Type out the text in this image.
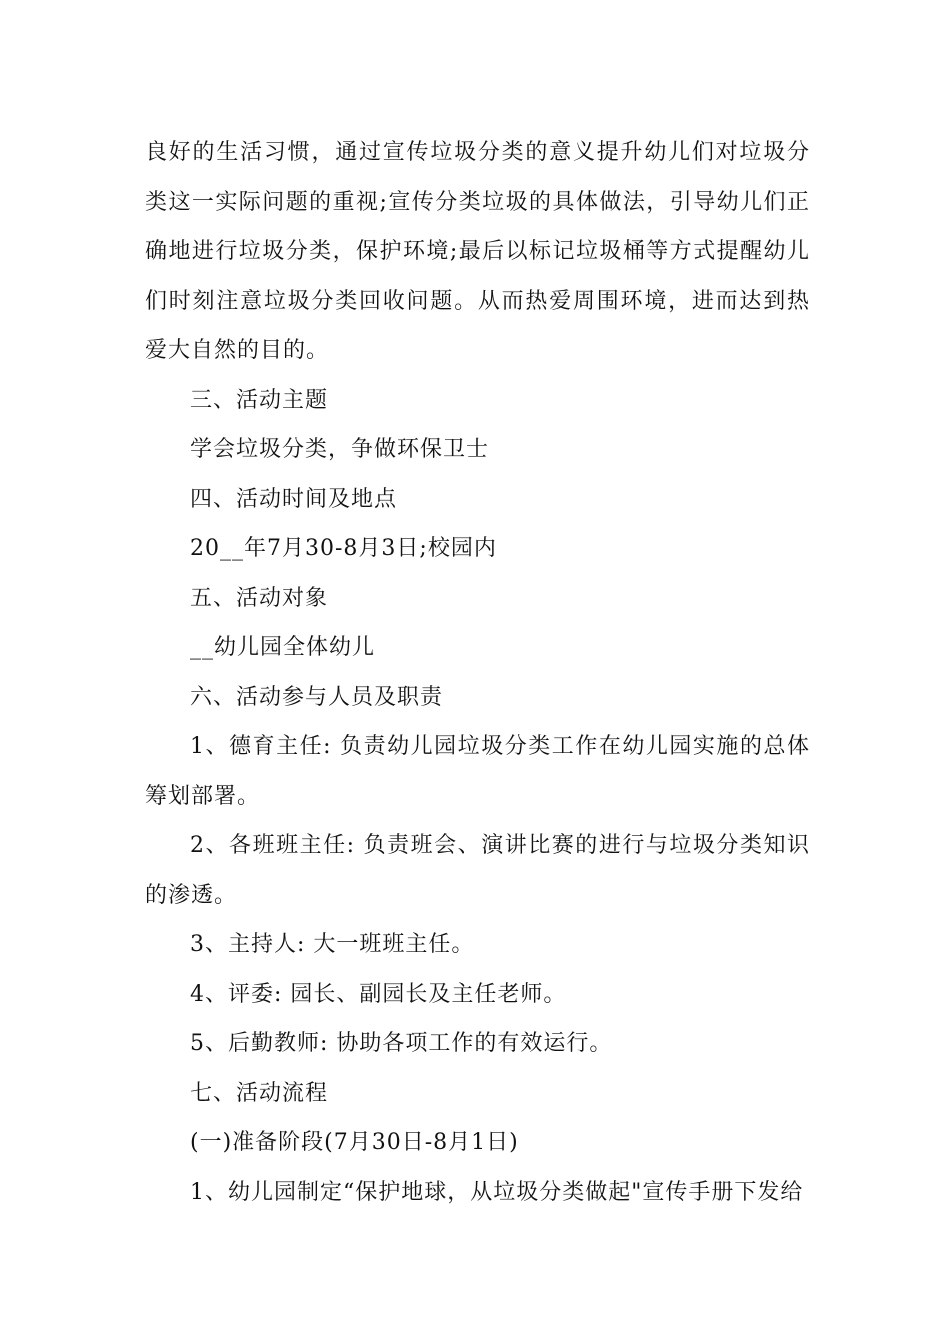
良好的生活习惯，通过宣传垃圾分类的意义提升幼儿们对垃圾分类这一实际问题的重视;宣传分类垃圾的具体做法，引导幼儿们正确地进行垃圾分类，保护环境;最后以标记垃圾桶等方式提醒幼儿们时刻注意垃圾分类回收问题。从而热爱周围环境，进而达到热爱大自然的目的。

三、活动主题

学会垃圾分类，争做环保卫士

四、活动时间及地点

20__年7月30-8月3日;校园内

五、活动对象

__幼儿园全体幼儿

六、活动参与人员及职责

1、德育主任: 负责幼儿园垃圾分类工作在幼儿园实施的总体筹划部署。

2、各班班主任: 负责班会、演讲比赛的进行与垃圾分类知识的渗透。

3、主持人: 大一班班主任。

4、评委: 园长、副园长及主任老师。

5、后勤教师: 协助各项工作的有效运行。

七、活动流程

(一)准备阶段(7月30日-8月1日)

1、幼儿园制定“保护地球，从垃圾分类做起"宣传手册下发给
